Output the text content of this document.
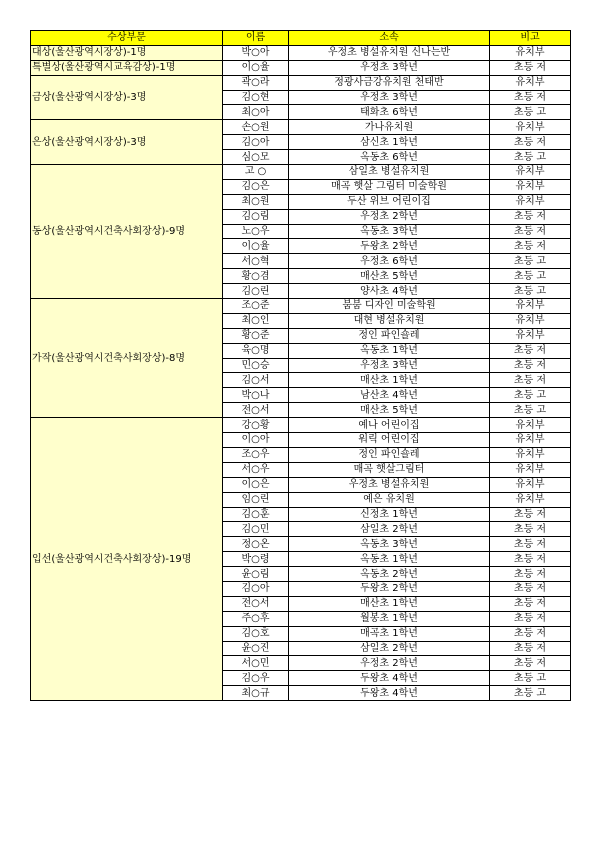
수상부문	이름	소속	비고
대상(울산광역시장상)-1명	박○아	우정초 병설유치원 신나는반	유치부
특별상(울산광역시교육감상)-1명	이○율	우정초 3학년	초등 저
금상(울산광역시장상)-3명	곽○라	정광사금강유치원 천태반	유치부
	김○현	우정초 3학년	초등 저
	최○아	태화초 6학년	초등 고
은상(울산광역시장상)-3명	손○원	가나유치원	유치부
	김○아	삼신초 1학년	초등 저
	심○모	옥동초 6학년	초등 고
동상(울산광역시건축사회장상)-9명	고 ○	삼일초 병설유치원	유치부
	김○은	매곡 햇살 그림터 미술학원	유치부
	최○원	두산 위브 어린이집	유치부
	김○림	우정초 2학년	초등 저
	노○우	옥동초 3학년	초등 저
	이○율	두왕초 2학년	초등 저
	서○혁	우정초 6학년	초등 고
	황○겸	매산초 5학년	초등 고
	김○린	양사초 4학년	초등 고
가작(울산광역시건축사회장상)-8명	조○준	붐붐 디자인 미술학원	유치부
	최○인	대현 병설유치원	유치부
	황○준	정인 파인숄레	유치부
	육○명	옥동초 1학년	초등 저
	민○승	우정초 3학년	초등 저
	김○서	매산초 1학년	초등 저
	박○나	남산초 4학년	초등 고
	전○서	매산초 5학년	초등 고
입선(울산광역시건축사회장상)-19명	강○황	예나 어린이집	유치부
	이○아	워릭 어린이집	유치부
	조○우	정인 파인숄레	유치부
	서○우	매곡 햇살그림터	유치부
	이○은	우정초 병설유치원	유치부
	임○린	예은 유치원	유치부
	김○훈	신정초 1학년	초등 저
	김○민	삼일초 2학년	초등 저
	정○온	옥동초 3학년	초등 저
	박○령	옥동초 1학년	초등 저
	윤○림	옥동초 2학년	초등 저
	김○아	두왕초 2학년	초등 저
	전○서	매산초 1학년	초등 저
	주○후	월봉초 1학년	초등 저
	김○호	매곡초 1학년	초등 저
	윤○진	삼일초 2학년	초등 저
	서○민	우정초 2학년	초등 저
	김○우	두왕초 4학년	초등 고
	최○규	두왕초 4학년	초등 고
